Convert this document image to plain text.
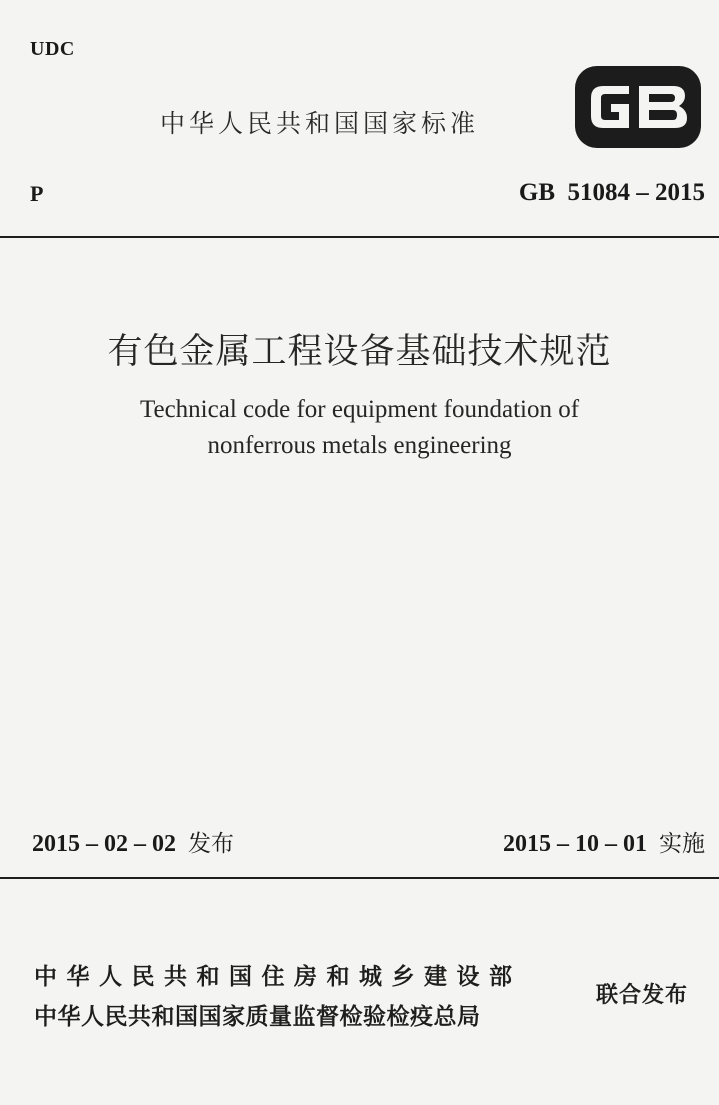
UDC
中华人民共和国国家标准
P	GB  51084 – 2015
有色金属工程设备基础技术规范
Technical code for equipment foundation of
nonferrous metals engineering
2015 – 02 – 02 发布	2015 – 10 – 01 实施
中华人民共和国住房和城乡建设部
中华人民共和国国家质量监督检验检疫总局
联合发布
